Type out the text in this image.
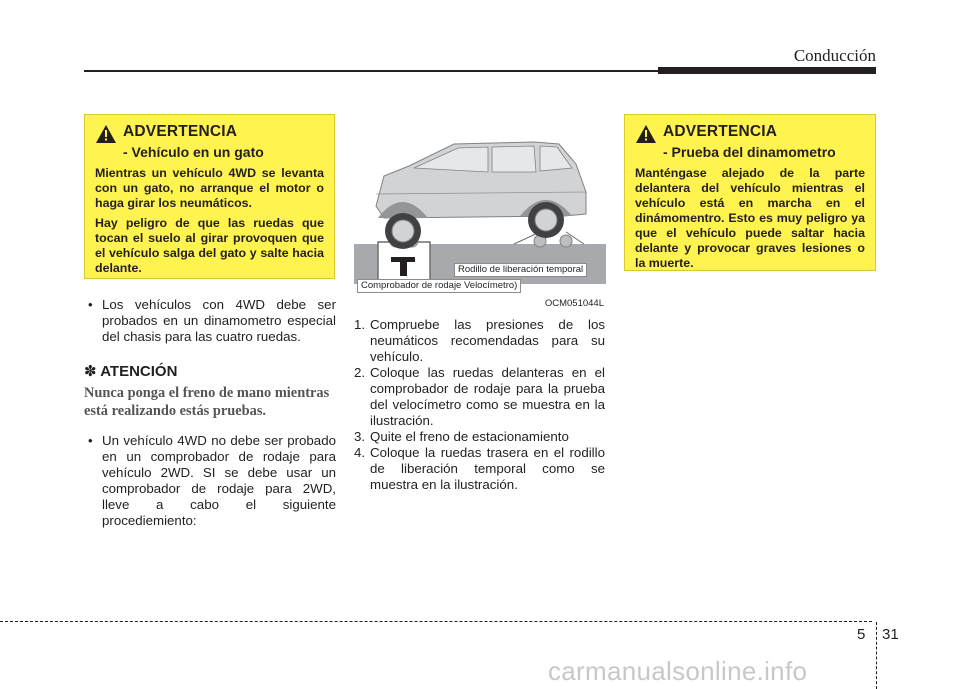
Conducción
ADVERTENCIA
- Vehículo en un gato

Mientras un vehículo 4WD se levanta con un gato, no arranque el motor o haga girar los neumáticos.

Hay peligro de que las ruedas que tocan el suelo al girar provoquen que el vehículo salga del gato y salte hacia delante.

ADVERTENCIA
- Prueba del dinamometro

Manténgase alejado de la parte delantera del vehículo mientras el vehículo está en marcha en el dinámomentro. Esto es muy peligro ya que el vehículo puede saltar hacia delante y provocar graves lesiones o la muerte.

• Los vehículos con 4WD debe ser probados en un dinamometro especial del chasis para las cuatro ruedas.
✽ ATENCIÓN
Nunca ponga el freno de mano mientras está realizando estás pruebas.
• Un vehículo 4WD no debe ser probado en un comprobador de rodaje para vehículo 2WD. SI se debe usar un comprobador de rodaje para 2WD, lleve a cabo el siguiente procediemiento:
Rodillo de liberación temporal
Comprobador de rodaje Velocímetro)
OCM051044L
1. Compruebe las presiones de los neumáticos recomendadas para su vehículo.
2. Coloque las ruedas delanteras en el comprobador de rodaje para la prueba del velocímetro como se muestra en la ilustración.
3. Quite el freno de estacionamiento
4. Coloque la ruedas trasera en el rodillo de liberación temporal como se muestra en la ilustración.
5 31
carmanualsonline.info
